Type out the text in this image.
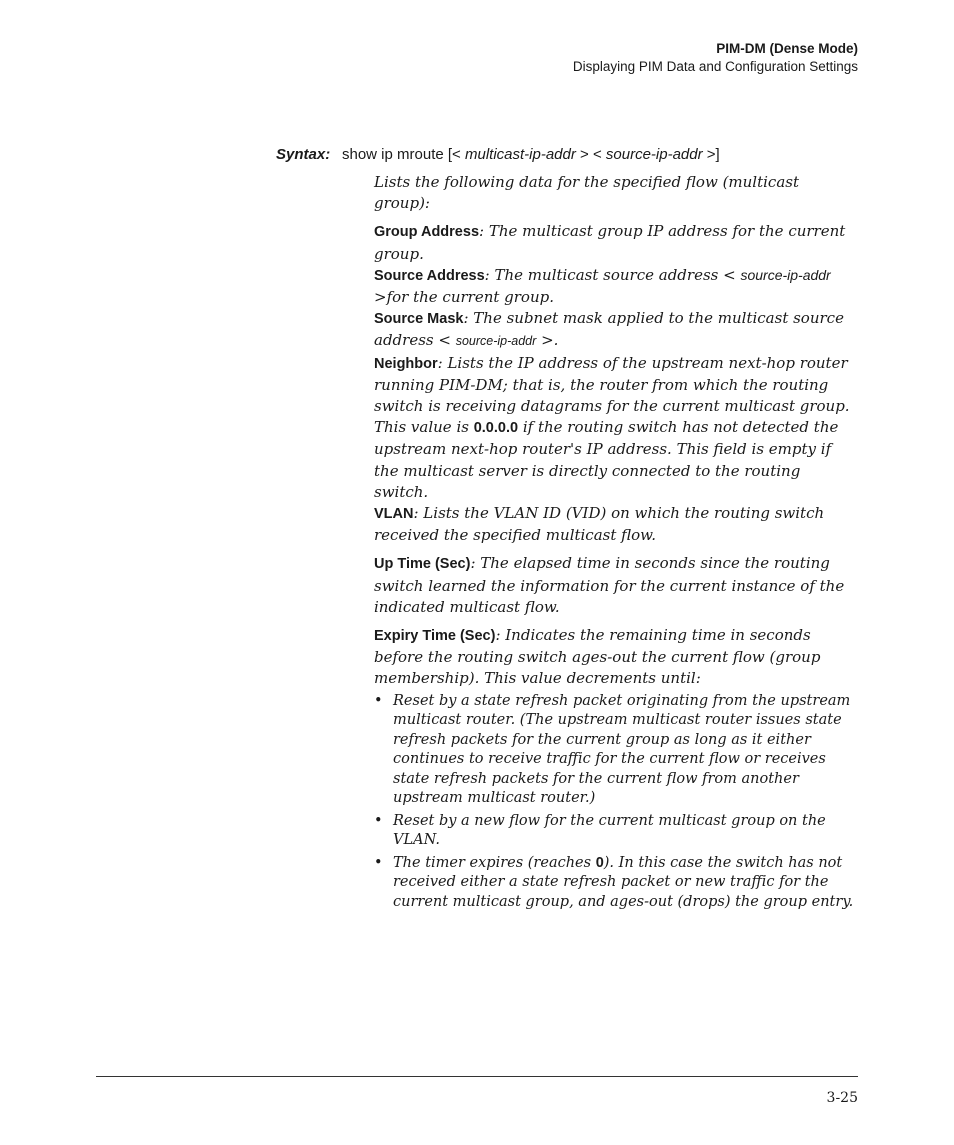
PIM-DM (Dense Mode)
Displaying PIM Data and Configuration Settings
Syntax: show ip mroute [< multicast-ip-addr > < source-ip-addr >]

Lists the following data for the specified flow (multicast group):

Group Address: The multicast group IP address for the current group.

Source Address: The multicast source address < source-ip-addr >for the current group.

Source Mask: The subnet mask applied to the multicast source address < source-ip-addr >.

Neighbor: Lists the IP address of the upstream next-hop router running PIM-DM; that is, the router from which the routing switch is receiving datagrams for the current multicast group. This value is 0.0.0.0 if the routing switch has not detected the upstream next-hop router's IP address. This field is empty if the multicast server is directly connected to the routing switch.

VLAN: Lists the VLAN ID (VID) on which the routing switch received the specified multicast flow.

Up Time (Sec): The elapsed time in seconds since the routing switch learned the information for the current instance of the indicated multicast flow.

Expiry Time (Sec): Indicates the remaining time in seconds before the routing switch ages-out the current flow (group membership). This value decrements until:

• Reset by a state refresh packet originating from the upstream multicast router. (The upstream multicast router issues state refresh packets for the current group as long as it either continues to receive traffic for the current flow or receives state refresh packets for the current flow from another upstream multicast router.)
• Reset by a new flow for the current multicast group on the VLAN.
• The timer expires (reaches 0). In this case the switch has not received either a state refresh packet or new traffic for the current multicast group, and ages-out (drops) the group entry.
3-25
